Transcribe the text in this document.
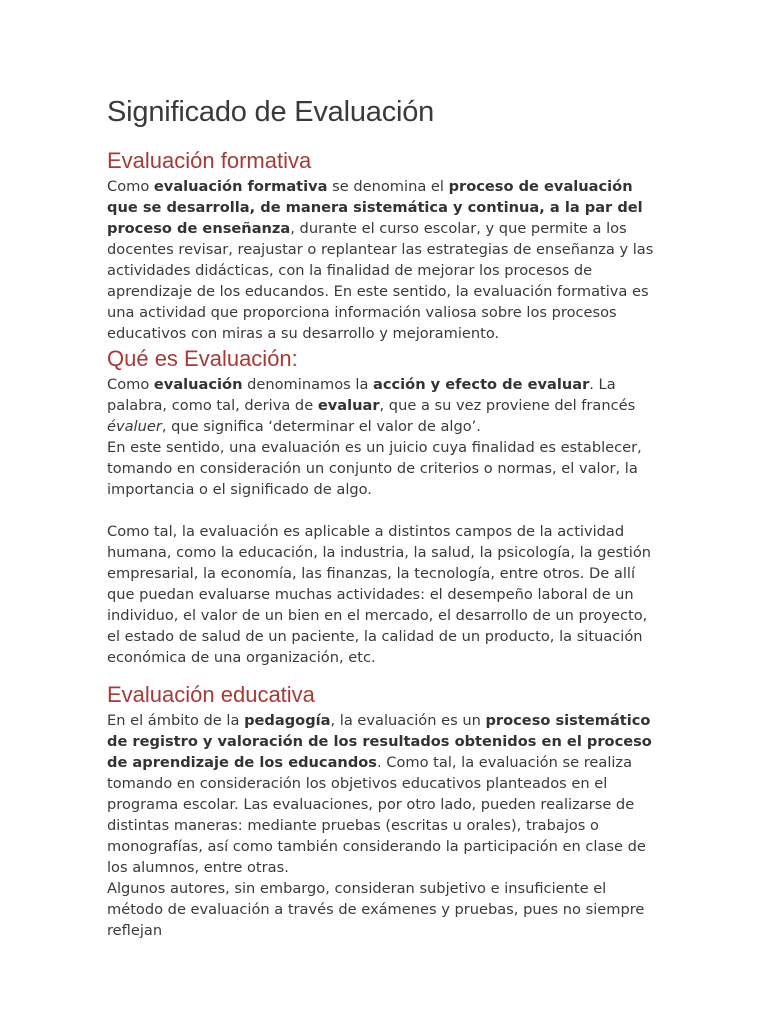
Significado de Evaluación
Evaluación formativa

Como evaluación formativa se denomina el proceso de evaluación que se desarrolla, de manera sistemática y continua, a la par del proceso de enseñanza, durante el curso escolar, y que permite a los docentes revisar, reajustar o replantear las estrategias de enseñanza y las actividades didácticas, con la finalidad de mejorar los procesos de aprendizaje de los educandos. En este sentido, la evaluación formativa es una actividad que proporciona información valiosa sobre los procesos educativos con miras a su desarrollo y mejoramiento.

Qué es Evaluación:

Como evaluación denominamos la acción y efecto de evaluar. La palabra, como tal, deriva de evaluar, que a su vez proviene del francés évaluer, que significa ‘determinar el valor de algo’.

En este sentido, una evaluación es un juicio cuya finalidad es establecer, tomando en consideración un conjunto de criterios o normas, el valor, la importancia o el significado de algo.

Como tal, la evaluación es aplicable a distintos campos de la actividad humana, como la educación, la industria, la salud, la psicología, la gestión empresarial, la economía, las finanzas, la tecnología, entre otros. De allí que puedan evaluarse muchas actividades: el desempeño laboral de un individuo, el valor de un bien en el mercado, el desarrollo de un proyecto, el estado de salud de un paciente, la calidad de un producto, la situación económica de una organización, etc.

Evaluación educativa

En el ámbito de la pedagogía, la evaluación es un proceso sistemático de registro y valoración de los resultados obtenidos en el proceso de aprendizaje de los educandos. Como tal, la evaluación se realiza tomando en consideración los objetivos educativos planteados en el programa escolar. Las evaluaciones, por otro lado, pueden realizarse de distintas maneras: mediante pruebas (escritas u orales), trabajos o monografías, así como también considerando la participación en clase de los alumnos, entre otras.

Algunos autores, sin embargo, consideran subjetivo e insuficiente el método de evaluación a través de exámenes y pruebas, pues no siempre reflejan
